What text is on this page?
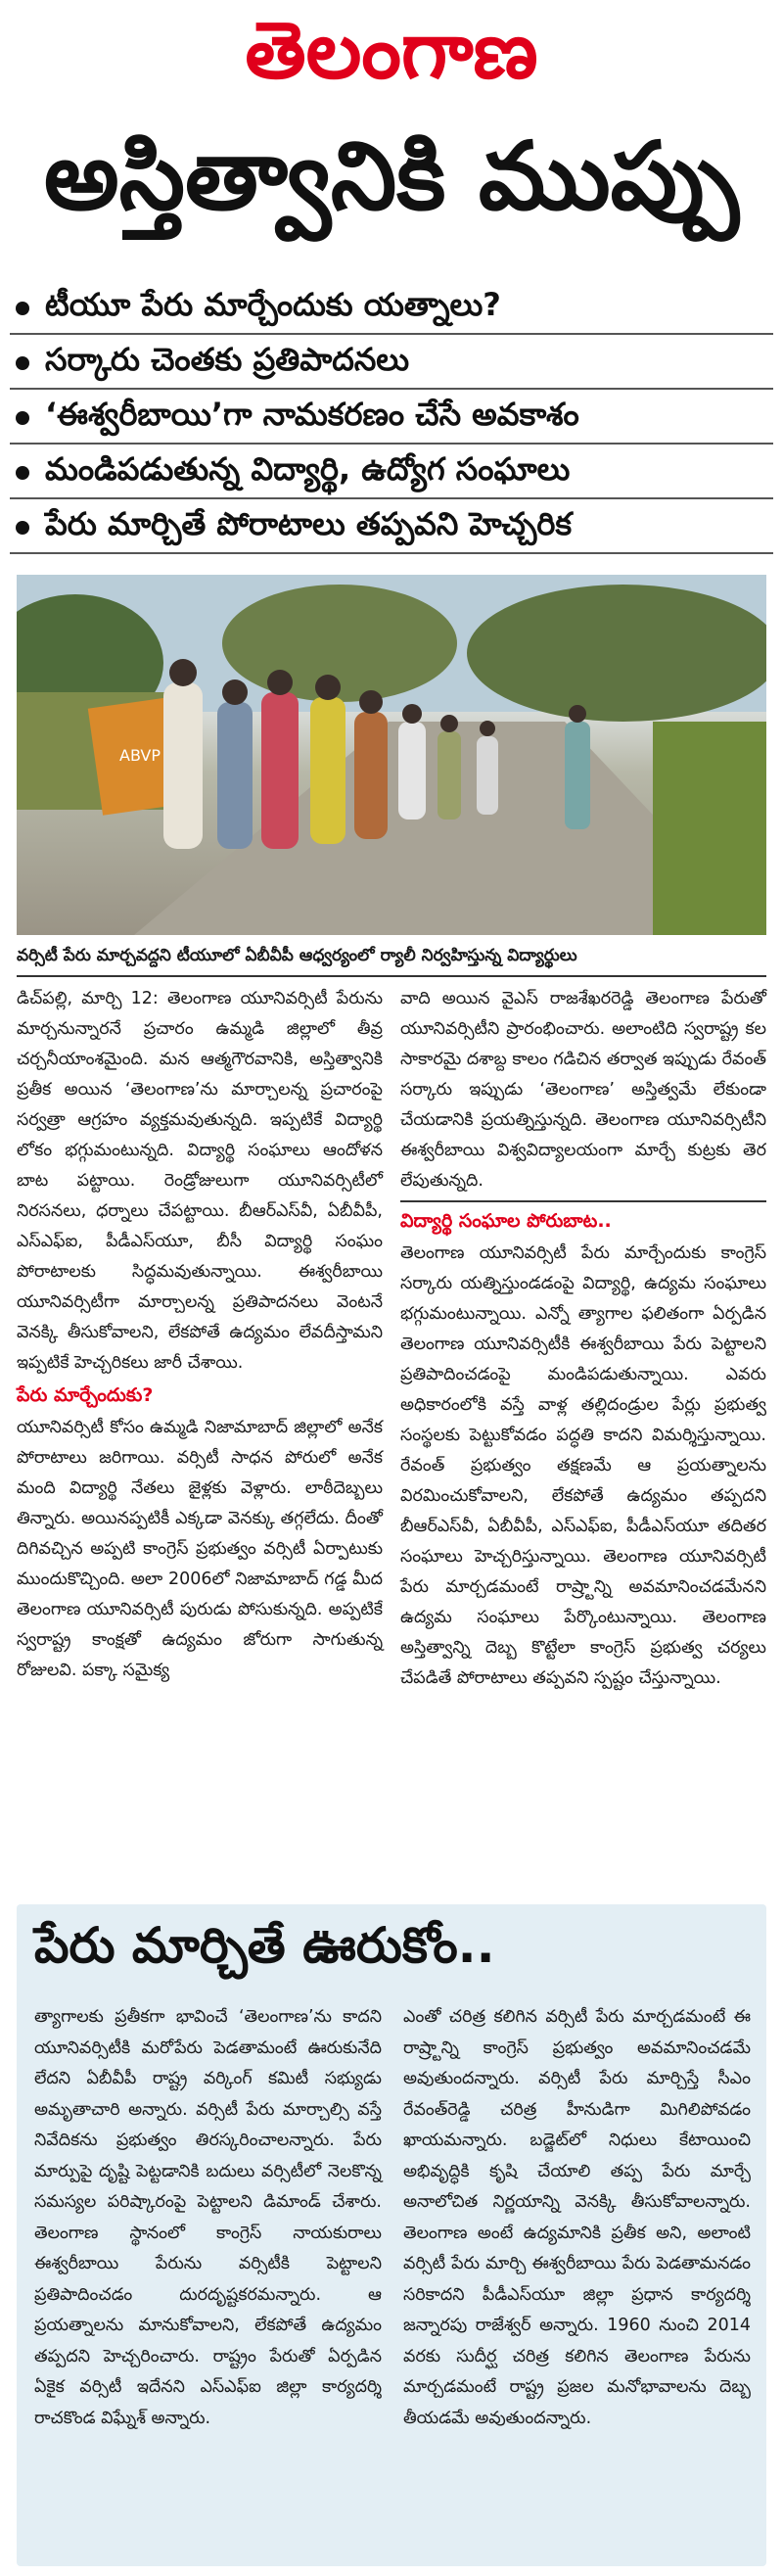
తెలంగాణ
అస్తిత్వానికి ముప్పు
టీయూ పేరు మార్చేందుకు యత్నాలు?
సర్కారు చెంతకు ప్రతిపాదనలు
‘ఈశ్వరీబాయి’గా నామకరణం చేసే అవకాశం
మండిపడుతున్న విద్యార్థి, ఉద్యోగ సంఘాలు
పేరు మార్చితే పోరాటాలు తప్పవని హెచ్చరిక
ABVP
వర్సిటీ పేరు మార్చవద్దని టీయూలో ఏబీవీపీ ఆధ్వర్యంలో ర్యాలీ నిర్వహిస్తున్న విద్యార్థులు

డిచ్‌పల్లి, మార్చి 12: తెలంగాణ యూనివర్సిటీ పేరును మార్చనున్నారనే ప్రచారం ఉమ్మడి జిల్లాలో తీవ్ర చర్చనీయాంశమైంది. మన ఆత్మగౌరవానికి, అస్తిత్వానికి ప్రతీక అయిన ‘తెలంగాణ’ను మార్చాలన్న ప్రచారంపై సర్వత్రా ఆగ్రహం వ్యక్తమవుతున్నది. ఇప్పటికే విద్యార్థి లోకం భగ్గుమంటున్నది. విద్యార్థి సంఘాలు ఆందోళన బాట పట్టాయి. రెండ్రోజులుగా యూనివర్సిటీలో నిరసనలు, ధర్నాలు చేపట్టాయి. బీఆర్‌ఎస్‌వీ, ఏబీవీపీ, ఎస్‌ఎఫ్‌ఐ, పీడీఎస్‌యూ, బీసీ విద్యార్థి సంఘం పోరాటాలకు సిద్ధమవుతున్నాయి. ఈశ్వరీబాయి యూనివర్సిటీగా మార్చాలన్న ప్రతిపాదనలు వెంటనే వెనక్కి తీసుకోవాలని, లేకపోతే ఉద్యమం లేవదీస్తామని ఇప్పటికే హెచ్చరికలు జారీ చేశాయి.

పేరు మార్చేందుకు?

యూనివర్సిటీ కోసం ఉమ్మడి నిజామాబాద్ జిల్లాలో అనేక పోరాటాలు జరిగాయి. వర్సిటీ సాధన పోరులో అనేక మంది విద్యార్థి నేతలు జైళ్లకు వెళ్లారు. లాఠీదెబ్బలు తిన్నారు. అయినప్పటికీ ఎక్కడా వెనక్కు తగ్గలేదు. దీంతో దిగివచ్చిన అప్పటి కాంగ్రెస్ ప్రభుత్వం వర్సిటీ ఏర్పాటుకు ముందుకొచ్చింది. అలా 2006లో నిజామాబాద్ గడ్డ మీద తెలంగాణ యూనివర్సిటీ పురుడు పోసుకున్నది. అప్పటికే స్వరాష్ట్ర కాంక్షతో ఉద్యమం జోరుగా సాగుతున్న రోజులవి. పక్కా సమైక్య

వాది అయిన వైఎస్ రాజశేఖరరెడ్డి తెలంగాణ పేరుతో యూనివర్సిటీని ప్రారంభించారు. అలాంటిది స్వరాష్ట్ర కల సాకారమై దశాబ్ద కాలం గడిచిన తర్వాత ఇప్పుడు రేవంత్ సర్కారు ఇప్పుడు ‘తెలంగాణ’ అస్తిత్వమే లేకుండా చేయడానికి ప్రయత్నిస్తున్నది. తెలంగాణ యూనివర్సిటీని ఈశ్వరీబాయి విశ్వవిద్యాలయంగా మార్చే కుట్రకు తెర లేపుతున్నది.

విద్యార్థి సంఘాల పోరుబాట..

తెలంగాణ యూనివర్సిటీ పేరు మార్చేందుకు కాంగ్రెస్ సర్కారు యత్నిస్తుండడంపై విద్యార్థి, ఉద్యమ సంఘాలు భగ్గుమంటున్నాయి. ఎన్నో త్యాగాల ఫలితంగా ఏర్పడిన తెలంగాణ యూనివర్సిటీకి ఈశ్వరీబాయి పేరు పెట్టాలని ప్రతిపాదించడంపై మండిపడుతున్నాయి. ఎవరు అధికారంలోకి వస్తే వాళ్ల తల్లిదండ్రుల పేర్లు ప్రభుత్వ సంస్థలకు పెట్టుకోవడం పద్ధతి కాదని విమర్శిస్తున్నాయి. రేవంత్ ప్రభుత్వం తక్షణమే ఆ ప్రయత్నాలను విరమించుకోవాలని, లేకపోతే ఉద్యమం తప్పదని బీఆర్‌ఎస్‌వీ, ఏబీవీపీ, ఎస్‌ఎఫ్‌ఐ, పీడీఎస్‌యూ తదితర సంఘాలు హెచ్చరిస్తున్నాయి. తెలంగాణ యూనివర్సిటీ పేరు మార్చడమంటే రాష్ర్టాన్ని అవమానించడమేనని ఉద్యమ సంఘాలు పేర్కొంటున్నాయి. తెలంగాణ అస్తిత్వాన్ని దెబ్బ కొట్టేలా కాంగ్రెస్ ప్రభుత్వ చర్యలు చేపడితే పోరాటాలు తప్పవని స్పష్టం చేస్తున్నాయి.

పేరు మార్చితే ఊరుకోం..
త్యాగాలకు ప్రతీకగా భావించే ‘తెలంగాణ’ను కాదని యూనివర్సిటీకి మరోపేరు పెడతామంటే ఊరుకునేది లేదని ఏబీవీపీ రాష్ట్ర వర్కింగ్ కమిటీ సభ్యుడు అమృతాచారి అన్నారు. వర్సిటీ పేరు మార్చాల్సి వస్తే నివేదికను ప్రభుత్వం తిరస్కరించాలన్నారు. పేరు మార్పుపై దృష్టి పెట్టడానికి బదులు వర్సిటీలో నెలకొన్న సమస్యల పరిష్కారంపై పెట్టాలని డిమాండ్ చేశారు. తెలంగాణ స్థానంలో కాంగ్రెస్ నాయకురాలు ఈశ్వరీబాయి పేరును వర్సిటీకి పెట్టాలని ప్రతిపాదించడం దురదృష్టకరమన్నారు. ఆ ప్రయత్నాలను మానుకోవాలని, లేకపోతే ఉద్యమం తప్పదని హెచ్చరించారు. రాష్ట్రం పేరుతో ఏర్పడిన ఏకైక వర్సిటీ ఇదేనని ఎస్‌ఎఫ్‌ఐ జిల్లా కార్యదర్శి రాచకొండ విఘ్నేశ్ అన్నారు.
ఎంతో చరిత్ర కలిగిన వర్సిటీ పేరు మార్చడమంటే ఈ రాష్ర్టాన్ని కాంగ్రెస్ ప్రభుత్వం అవమానించడమే అవుతుందన్నారు. వర్సిటీ పేరు మార్చిస్తే సీఎం రేవంత్‌రెడ్డి చరిత్ర హీనుడిగా మిగిలిపోవడం ఖాయమన్నారు. బడ్జెట్‌లో నిధులు కేటాయించి అభివృద్ధికి కృషి చేయాలి తప్ప పేరు మార్చే అనాలోచిత నిర్ణయాన్ని వెనక్కి తీసుకోవాలన్నారు. తెలంగాణ అంటే ఉద్యమానికి ప్రతీక అని, అలాంటి వర్సిటీ పేరు మార్చి ఈశ్వరీబాయి పేరు పెడతామనడం సరికాదని పీడీఎస్‌యూ జిల్లా ప్రధాన కార్యదర్శి జన్నారపు రాజేశ్వర్ అన్నారు. 1960 నుంచి 2014 వరకు సుదీర్ఘ చరిత్ర కలిగిన తెలంగాణ పేరును మార్చడమంటే రాష్ట్ర ప్రజల మనోభావాలను దెబ్బ తీయడమే అవుతుందన్నారు.
